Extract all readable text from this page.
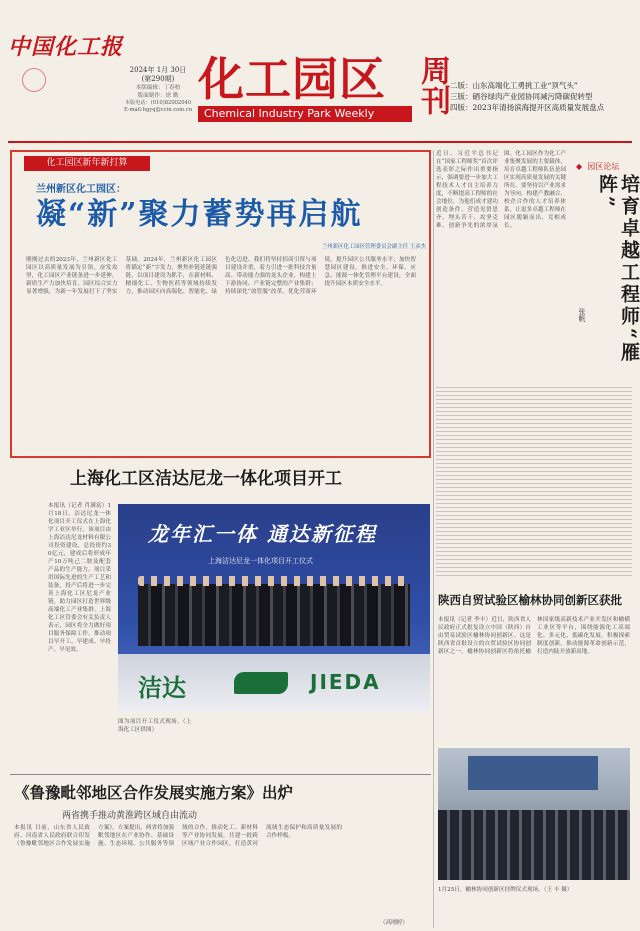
中国化工报
2024年 1月 30日
(第290期)
本版编辑：丁春柏
版面制作：徐 勤
本版电话：(010)82002040
E-mail:hgyq@ccin.com.cn
化工园区
Chemical Industry Park Weekly	周刊 二版：山东高端化工勇挑工业“顶气头”
三版：硒谷绿肉产业园协同减污降碳促转型
四版：2023年清扬滨海提开区高质量发展盘点
化工园区新年新打算
兰州新区化工园区：
凝“新”聚力蓄势再启航
兰州新区化工园区管理委员会副主任 王彦杰
刚刚过去的2023年，兰州新区化工园区以高质量发展为引领，奋发攻坚，化工园区产业链条进一步延伸，新质生产力加快培育，园区综合实力显著增强，为新一年发展打下了坚实基础。2024年，兰州新区化工园区将锚定“新”字发力，聚焦补链延链强链，以项目建设为抓手，在新材料、精细化工、生物医药等领域持续发力，推动园区向高端化、智能化、绿色化迈进。我们将坚持招商引资与项目建设并重，着力引进一批科技含量高、带动能力强的龙头企业，构建上下游协同、产业链完整的产业集群；持续深化“放管服”改革，优化营商环境，提升园区公共服务水平；加快智慧园区建设，推进安全、环保、应急、能源一体化管理平台建设，全面提升园区本质安全水平。
近日，习近平总书记在“国家工程师奖”首次评选表彰之际作出重要指示，强调要进一步加大工程技术人才自主培养力度，不断提高工程师的社会地位，为他们成才建功创造条件，营造见贤思齐、埋头苦干、攻坚克难、创新争先的浓厚氛围。化工园区作为化工产业集聚发展的主要载体，培育卓越工程师队伍是园区实现高质量发展的关键所在。要坚持以产业需求为导向，构建产教融合、校企合作的人才培养体系，让更多卓越工程师在园区脱颖而出、竞相成长。
◆ 园区论坛
培育卓越工程师“雁阵”
张帆
上海化工区洁达尼龙一体化项目开工
本报讯（记者 肖满富）1月18日，洁达尼龙一体化项目开工仪式在上海化学工业区举行。该项目由上海洁达尼龙材料有限公司投资建设，总投资约30亿元，建成后将形成年产10万吨己二胺及配套产品的生产能力。项目采用国际先进的生产工艺和装备，投产后将进一步完善上海化工区尼龙产业链，助力园区打造世界级高端化工产业集群。上海化工区管委会有关负责人表示，园区将全力做好项目服务保障工作，推动项目早开工、早建成、早投产、早见效。
龙年汇一体 通达新征程
上海洁达尼龙一体化项目开工仪式
洁达	JIEDA
图为项目开工仪式现场。（上海化工区供图）
陕西自贸试验区榆林协同创新区获批
本报讯（记者 李丰）近日，陕西省人民政府正式批复设立中国（陕西）自由贸易试验区榆林协同创新区。这是陕西省首批设立的自贸试验区协同创新区之一。榆林协同创新区将依托榆林国家级高新技术产业开发区和榆横工业区等平台，围绕能源化工高端化、多元化、低碳化发展，积极探索制度创新，推动能源革命创新示范，打造内陆开放新高地。
1月25日，榆林协同创新区挂牌仪式现场。（王 丰 摄）
《鲁豫毗邻地区合作发展实施方案》出炉
两省携手推动黄淮跨区域自由流动
本报讯 日前，山东省人民政府、河南省人民政府联合印发《鲁豫毗邻地区合作发展实施方案》。方案提出，两省将加强毗邻地区在产业协作、基础设施、生态环境、公共服务等领域的合作，推动化工、新材料等产业协同发展，共建一批跨区域产业合作园区，打造黄河流域生态保护和高质量发展的合作样板。
（高刚婷）
